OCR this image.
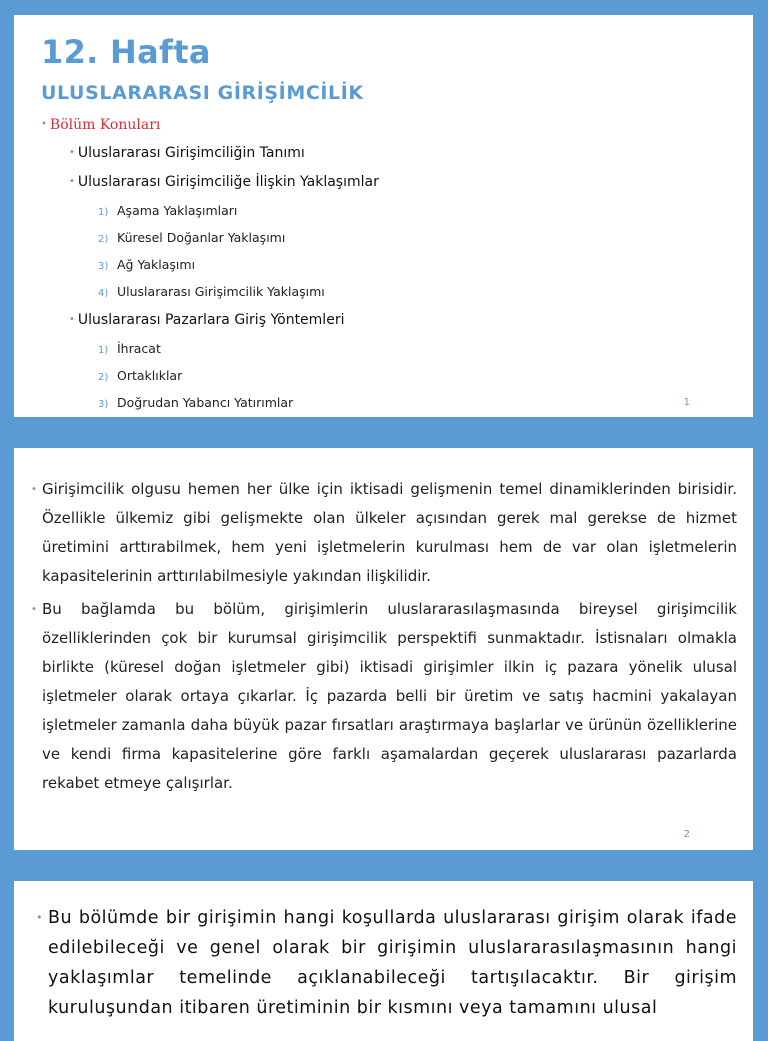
12. Hafta
ULUSLARARASI GİRİŞİMCİLİK
• Bölüm Konuları
• Uluslararası Girişimciliğin Tanımı
• Uluslararası Girişimciliğe İlişkin Yaklaşımlar
1) Aşama Yaklaşımları
2) Küresel Doğanlar Yaklaşımı
3) Ağ Yaklaşımı
4) Uluslararası Girişimcilik Yaklaşımı
• Uluslararası Pazarlara Giriş Yöntemleri
1) İhracat
2) Ortaklıklar
3) Doğrudan Yabancı Yatırımlar	1

• Girişimcilik olgusu hemen her ülke için iktisadi gelişmenin temel dinamiklerinden birisidir. Özellikle ülkemiz gibi gelişmekte olan ülkeler açısından gerek mal gerekse de hizmet üretimini arttırabilmek, hem yeni işletmelerin kurulması hem de var olan işletmelerin kapasitelerinin arttırılabilmesiyle yakından ilişkilidir.

• Bu bağlamda bu bölüm, girişimlerin uluslararasılaşmasında bireysel girişimcilik özelliklerinden çok bir kurumsal girişimcilik perspektifi sunmaktadır. İstisnaları olmakla birlikte (küresel doğan işletmeler gibi) iktisadi girişimler ilkin iç pazara yönelik ulusal işletmeler olarak ortaya çıkarlar. İç pazarda belli bir üretim ve satış hacmini yakalayan işletmeler zamanla daha büyük pazar fırsatları araştırmaya başlarlar ve ürünün özelliklerine ve kendi firma kapasitelerine göre farklı aşamalardan geçerek uluslararası pazarlarda rekabet etmeye çalışırlar.

2

• Bu bölümde bir girişimin hangi koşullarda uluslararası girişim olarak ifade edilebileceği ve genel olarak bir girişimin uluslararasılaşmasının hangi yaklaşımlar temelinde açıklanabileceği tartışılacaktır. Bir girişim kuruluşundan itibaren üretiminin bir kısmını veya tamamını ulusal
